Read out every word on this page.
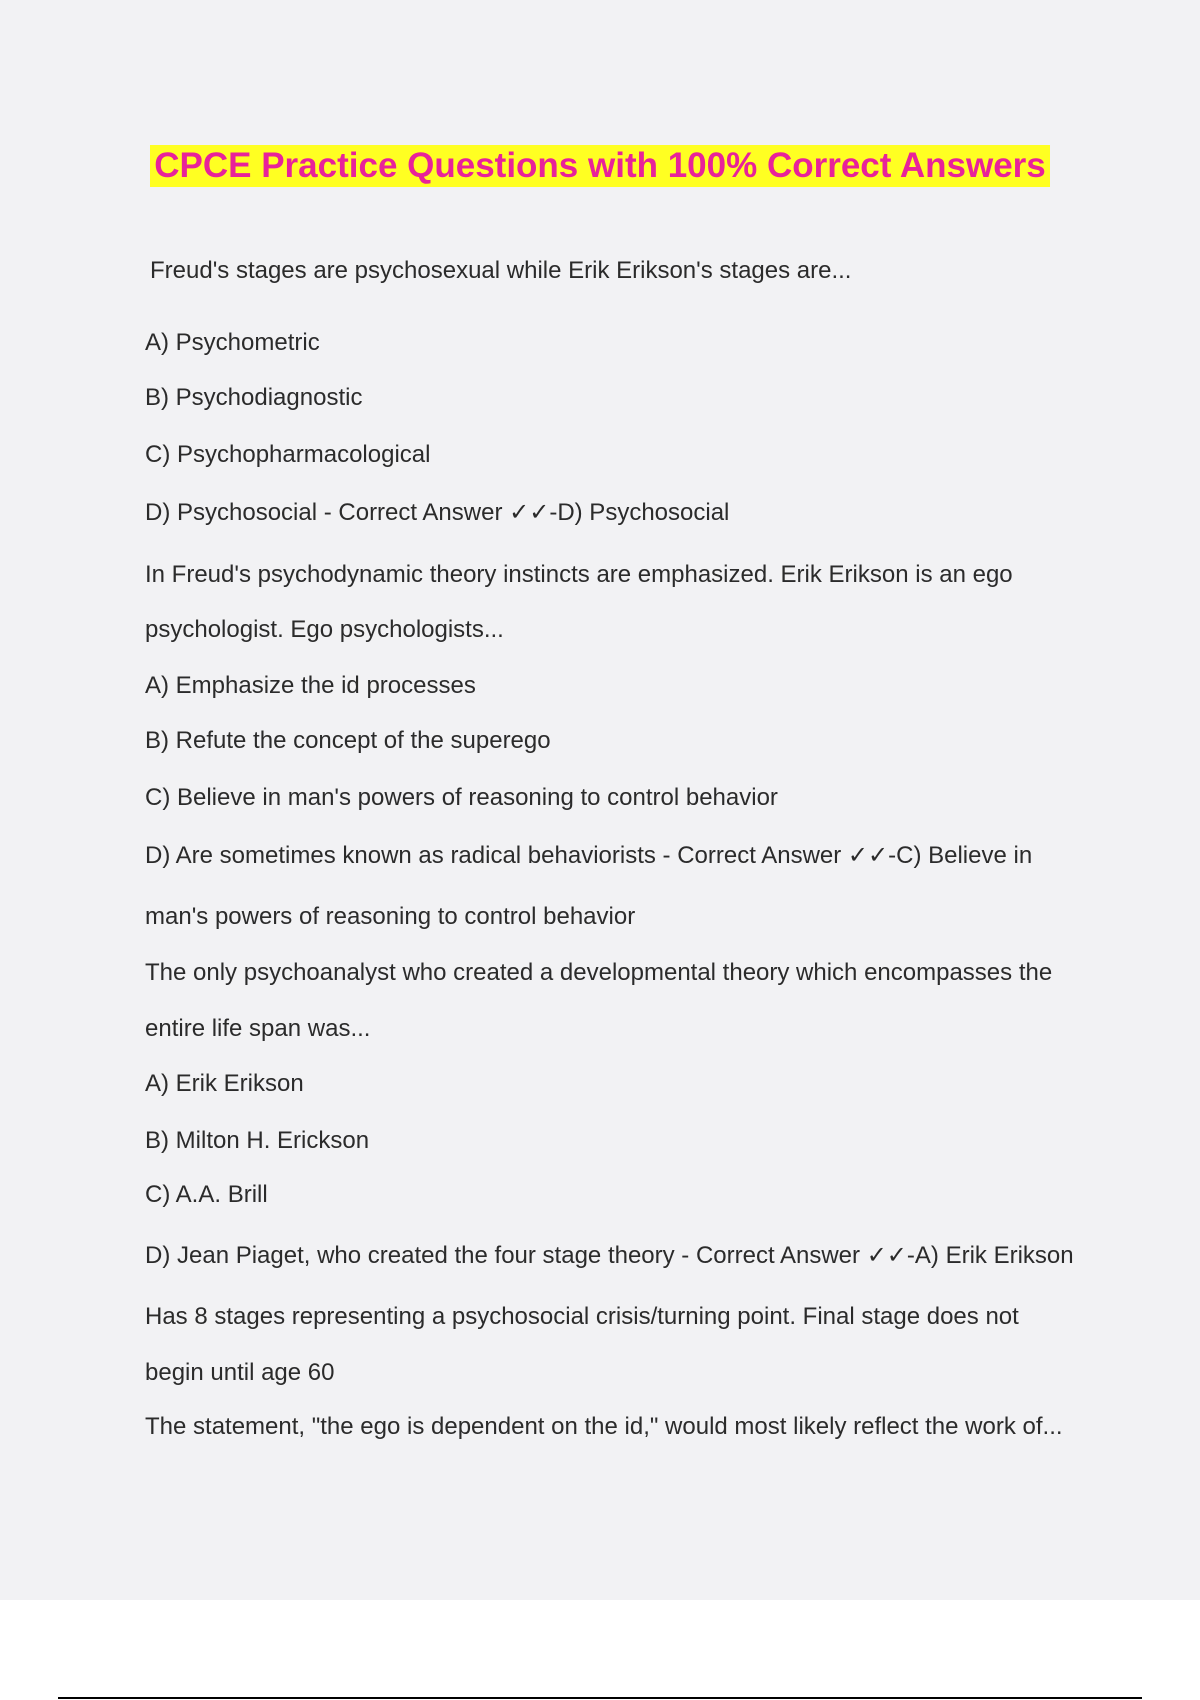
CPCE Practice Questions with 100% Correct Answers

Freud's stages are psychosexual while Erik Erikson's stages are...

A) Psychometric

B) Psychodiagnostic

C) Psychopharmacological

D) Psychosocial - Correct Answer ✓✓-D) Psychosocial

In Freud's psychodynamic theory instincts are emphasized. Erik Erikson is an ego

psychologist. Ego psychologists...

A) Emphasize the id processes

B) Refute the concept of the superego

C) Believe in man's powers of reasoning to control behavior

D) Are sometimes known as radical behaviorists - Correct Answer ✓✓-C) Believe in

man's powers of reasoning to control behavior

The only psychoanalyst who created a developmental theory which encompasses the

entire life span was...

A) Erik Erikson

B) Milton H. Erickson

C) A.A. Brill

D) Jean Piaget, who created the four stage theory - Correct Answer ✓✓-A) Erik Erikson

Has 8 stages representing a psychosocial crisis/turning point. Final stage does not

begin until age 60

The statement, "the ego is dependent on the id," would most likely reflect the work of...
